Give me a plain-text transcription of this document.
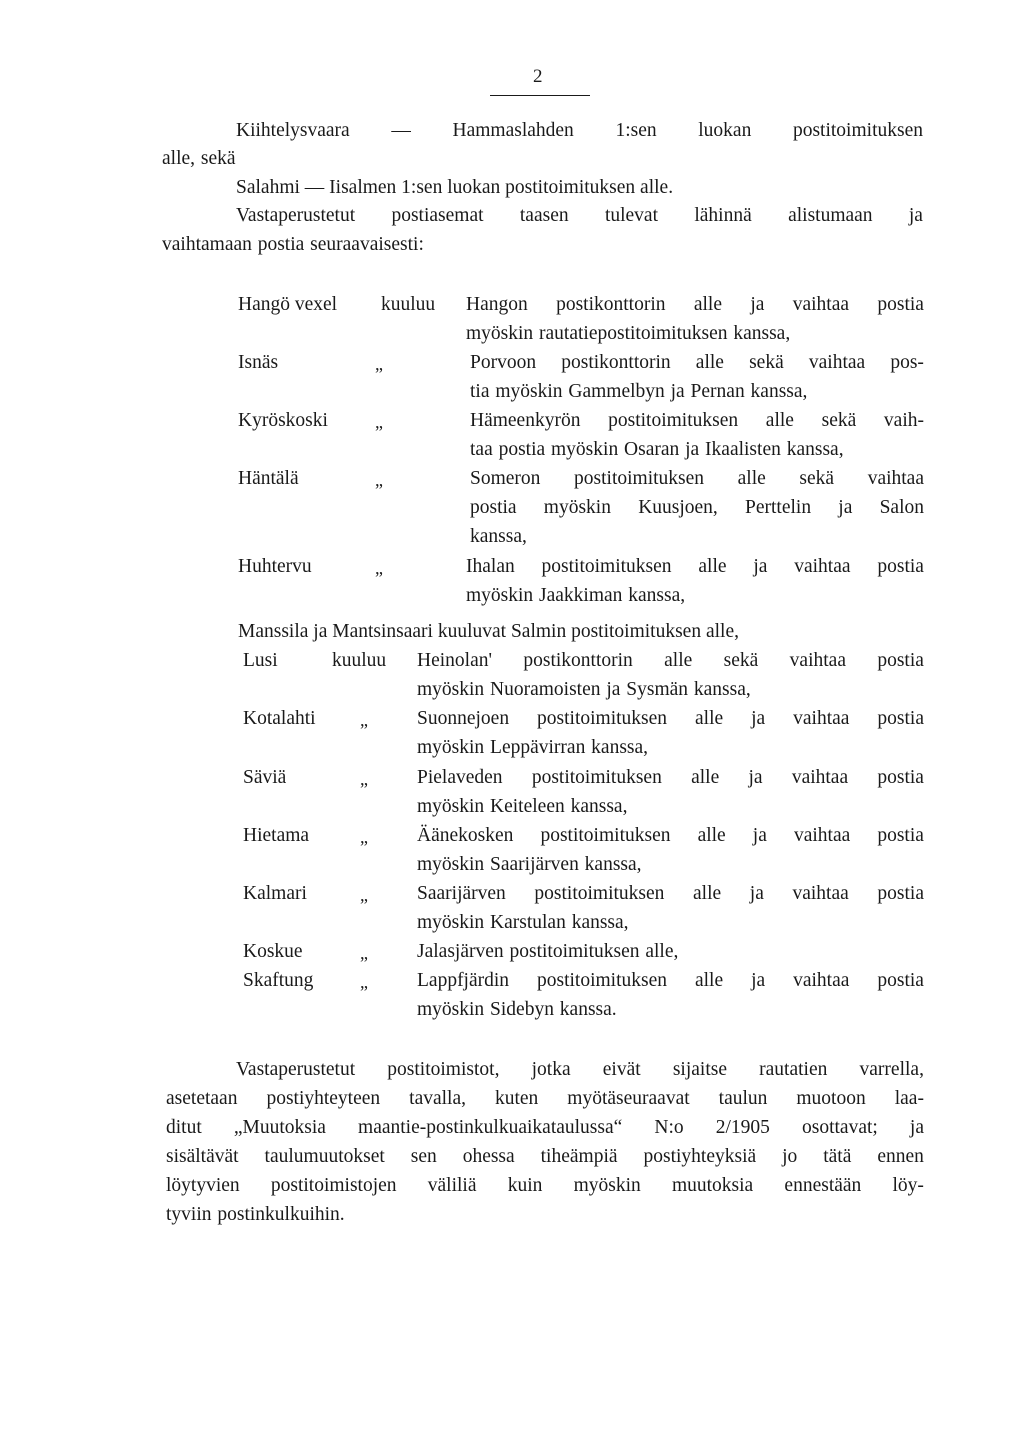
2
Kiihtelysvaara — Hammaslahden 1:sen luokan postitoimituksen
alle, sekä
Salahmi — Iisalmen 1:sen luokan postitoimituksen alle.
Vastaperustetut postiasemat taasen tulevat lähinnä alistumaan ja
vaihtamaan postia seuraavaisesti:
Hangö vexel kuuluu Hangon postikonttorin alle ja vaihtaa postia
myöskin rautatiepostitoimituksen kanssa,
Isnäs	„	Porvoon postikonttorin alle sekä vaihtaa pos-
tia myöskin Gammelbyn ja Pernan kanssa,
Kyröskoski	„	Hämeenkyrön postitoimituksen alle sekä vaih-
taa postia myöskin Osaran ja Ikaalisten kanssa,
Häntälä	„	Someron postitoimituksen alle sekä vaihtaa
postia myöskin Kuusjoen, Perttelin ja Salon
kanssa,
Huhtervu	„	Ihalan postitoimituksen alle ja vaihtaa postia
myöskin Jaakkiman kanssa,
Manssila ja Mantsinsaari kuuluvat Salmin postitoimituksen alle,
Lusi	kuuluu Heinolan' postikonttorin alle sekä vaihtaa postia
myöskin Nuoramoisten ja Sysmän kanssa,
Kotalahti „	Suonnejoen postitoimituksen alle ja vaihtaa postia
myöskin Leppävirran kanssa,
Säviä	„	Pielaveden postitoimituksen alle ja vaihtaa postia
myöskin Keiteleen kanssa,
Hietama	„	Äänekosken postitoimituksen alle ja vaihtaa postia
myöskin Saarijärven kanssa,
Kalmari	„	Saarijärven postitoimituksen alle ja vaihtaa postia
myöskin Karstulan kanssa,
Koskue	„	Jalasjärven postitoimituksen alle,
Skaftung	„	Lappfjärdin postitoimituksen alle ja vaihtaa postia
myöskin Sidebyn kanssa.
Vastaperustetut postitoimistot, jotka eivät sijaitse rautatien varrella,
asetetaan postiyhteyteen tavalla, kuten myötäseuraavat taulun muotoon laa-
ditut „Muutoksia maantie-postinkulkuaikataulussa“ N:o 2/1905 osottavat; ja
sisältävät taulumuutokset sen ohessa tiheämpiä postiyhteyksiä jo tätä ennen
löytyvien postitoimistojen väliliä kuin myöskin muutoksia ennestään löy-
tyviin postinkulkuihin.
